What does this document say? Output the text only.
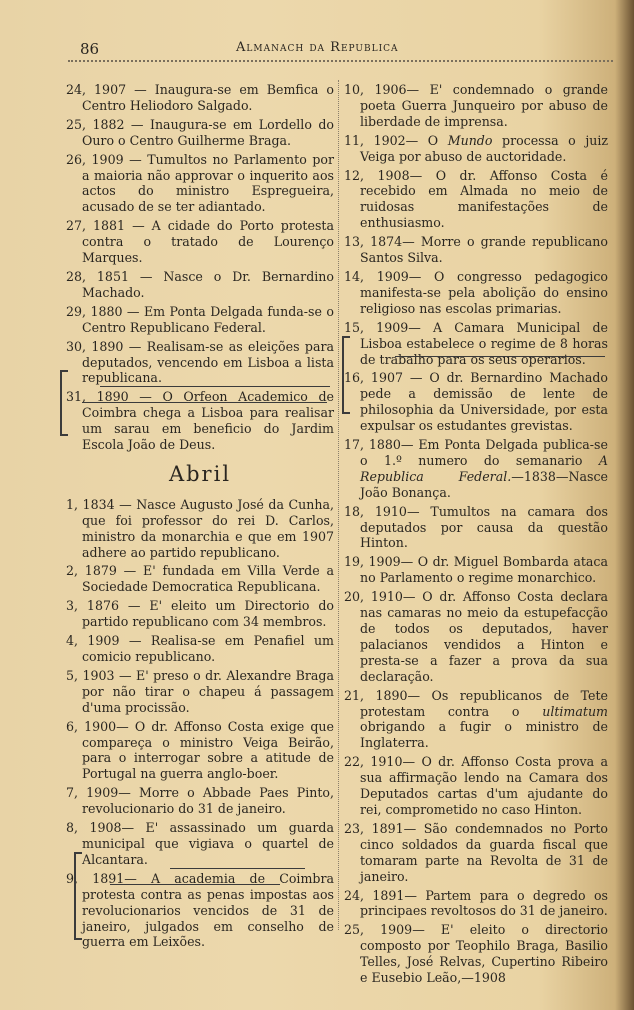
86	Almanach da Republica
24, 1907 — Inaugura-se em Bemfica o Centro Heliodoro Salgado.
25, 1882 — Inaugura-se em Lordello do Ouro o Centro Guilherme Braga.
26, 1909 — Tumultos no Parlamento por a maioria não approvar o inquerito aos actos do ministro Espregueira, acusado de se ter adiantado.
27, 1881 — A cidade do Porto protesta contra o tratado de Lourenço Marques.
28, 1851 — Nasce o Dr. Bernardino Machado.
29, 1880 — Em Ponta Delgada funda-se o Centro Republicano Federal.
30, 1890 — Realisam-se as eleições para deputados, vencendo em Lisboa a lista republicana.
31, 1890 — O Orfeon Academico de Coimbra chega a Lisboa para realisar um sarau em beneficio do Jardim Escola João de Deus.
Abril
1, 1834 — Nasce Augusto José da Cunha, que foi professor do rei D. Carlos, ministro da monarchia e que em 1907 adhere ao partido republicano.
2, 1879 — E' fundada em Villa Verde a Sociedade Democratica Republicana.
3, 1876 — E' eleito um Directorio do partido republicano com 34 membros.
4, 1909 — Realisa-se em Penafiel um comicio republicano.
5, 1903 — E' preso o dr. Alexandre Braga por não tirar o chapeu á passagem d'uma procissão.
6, 1900— O dr. Affonso Costa exige que compareça o ministro Veiga Beirão, para o interrogar sobre a atitude de Portugal na guerra anglo-boer.
7, 1909— Morre o Abbade Paes Pinto, revolucionario do 31 de janeiro.
8, 1908— E' assassinado um guarda municipal que vigiava o quartel de Alcantara.
9, 1891— A academia de Coimbra protesta contra as penas impostas aos revolucionarios vencidos de 31 de janeiro, julgados em conselho de guerra em Leixões.
10, 1906— E' condemnado o grande poeta Guerra Junqueiro por abuso de liberdade de imprensa.
11, 1902— O Mundo processa o juiz Veiga por abuso de auctoridade.
12, 1908— O dr. Affonso Costa é recebido em Almada no meio de ruidosas manifestações de enthusiasmo.
13, 1874— Morre o grande republicano Santos Silva.
14, 1909— O congresso pedagogico manifesta-se pela abolição do ensino religioso nas escolas primarias.
15, 1909— A Camara Municipal de Lisboa estabelece o regime de 8 horas de trabalho para os seus operarios.
16, 1907 — O dr. Bernardino Machado pede a demissão de lente de philosophia da Universidade, por esta expulsar os estudantes grevistas.
17, 1880— Em Ponta Delgada publica-se o 1.º numero do semanario A Republica Federal.—1838—Nasce João Bonança.
18, 1910— Tumultos na camara dos deputados por causa da questão Hinton.
19, 1909— O dr. Miguel Bombarda ataca no Parlamento o regime monarchico.
20, 1910— O dr. Affonso Costa declara nas camaras no meio da estupefacção de todos os deputados, haver palacianos vendidos a Hinton e presta-se a fazer a prova da sua declaração.
21, 1890— Os republicanos de Tete protestam contra o ultimatum obrigando a fugir o ministro de Inglaterra.
22, 1910— O dr. Affonso Costa prova a sua affirmação lendo na Camara dos Deputados cartas d'um ajudante do rei, comprometido no caso Hinton.
23, 1891— São condemnados no Porto cinco soldados da guarda fiscal que tomaram parte na Revolta de 31 de janeiro.
24, 1891— Partem para o degredo os principaes revoltosos do 31 de janeiro.
25, 1909— E' eleito o directorio composto por Teophilo Braga, Basilio Telles, José Relvas, Cupertino Ribeiro e Eusebio Leão,—1908
